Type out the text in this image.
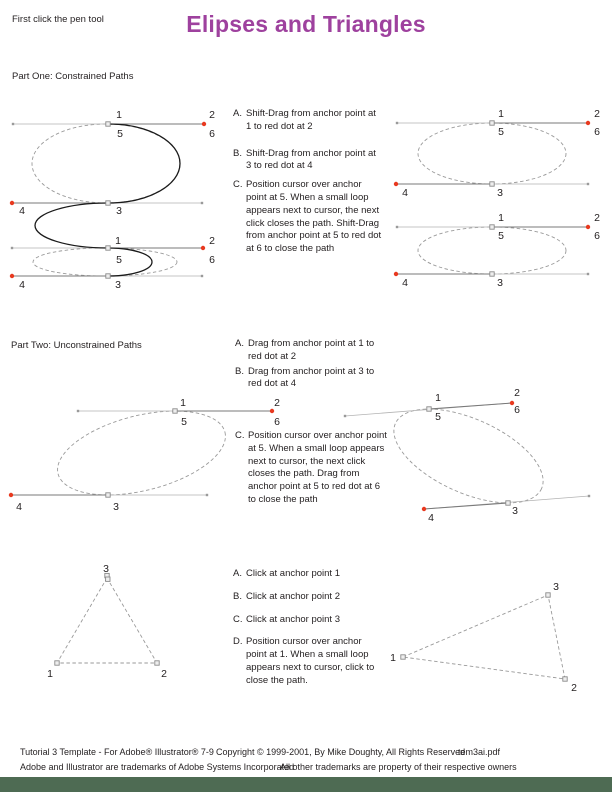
First click the pen tool	Elipses and Triangles
Part One: Constrained Paths
1	2
5	6
4	3
1	2
5	6
4	3
A. Shift-Drag from anchor point at 1 to red dot at 2
B. Shift-Drag from anchor point at 3 to red dot at 4
C. Position cursor over anchor point at 5. When a small loop appears next to cursor, the next click closes the path. Shift-Drag from anchor point at 5 to red dot at 6 to close the path
1	2
5	6
4	3
1	2
5	6
4	3
Part Two: Unconstrained Paths
1	2
5	6
4	3
A. Drag from anchor point at 1 to red dot at 2
B. Drag from anchor point at 3 to red dot at 4
C. Position cursor over anchor point at 5. When a small loop appears next to cursor, the next click closes the path. Drag from anchor point at 5 to red dot at 6 to close the path
1	2
5
6
4
3
A. Click at anchor point 1
B. Click at anchor point 2
C. Click at anchor point 3
D. Position cursor over anchor point at 1. When a small loop appears next to cursor, click to close the path.
3
1	2
1
3
2
Tutorial 3 Template - For Adobe® Illustrator® 7-9 Copyright © 1999-2001, By Mike Doughty, All Rights Reserved
tem3ai.pdf
Adobe and Illustrator are trademarks of Adobe Systems Incorporated
All other trademarks are property of their respective owners
